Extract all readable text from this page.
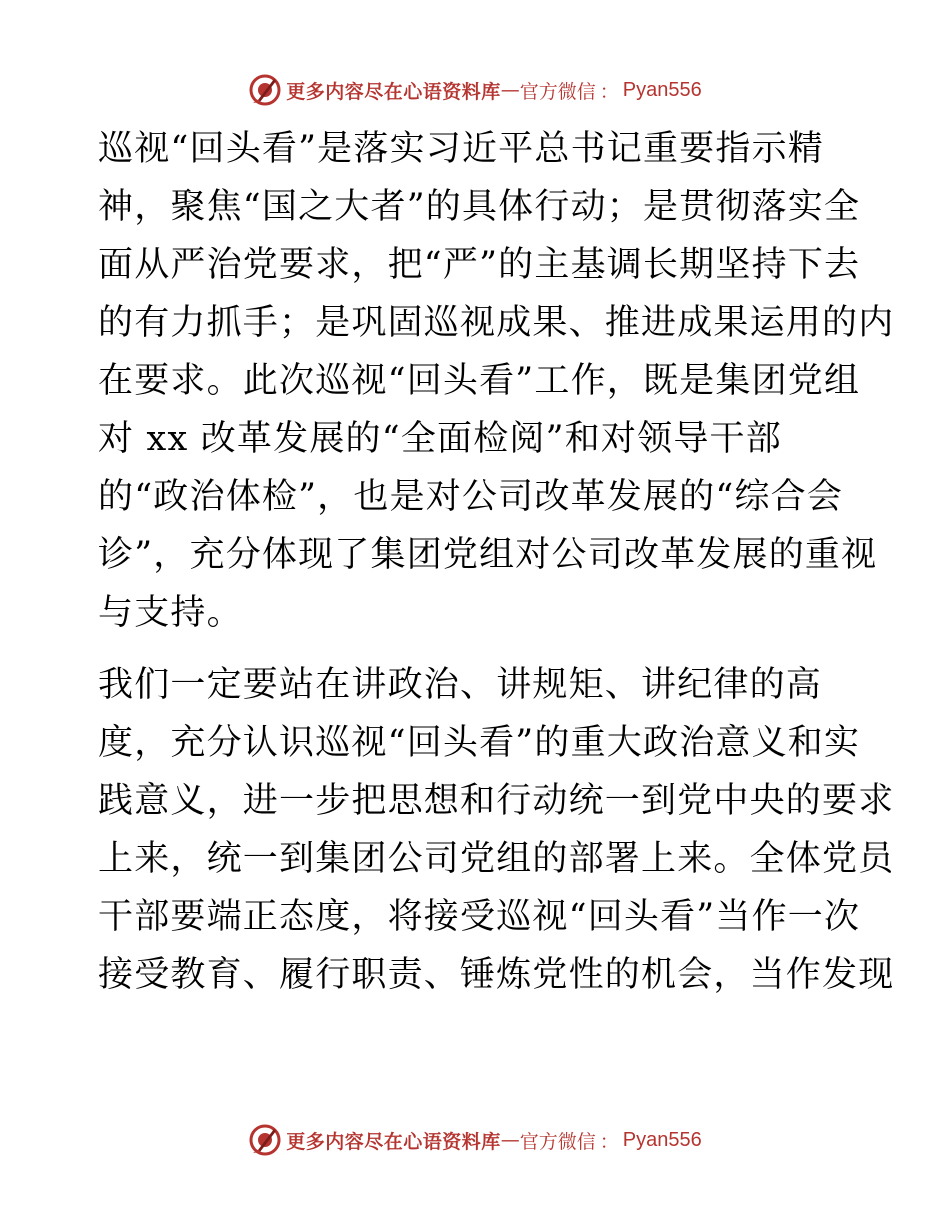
更多内容尽在心语资料库 — 官方微信 ： Pyan556
巡视“回头看”是落实习近平总书记重要指示精
神，聚焦“国之大者”的具体行动；是贯彻落实全
面从严治党要求，把“严”的主基调长期坚持下去
的有力抓手；是巩固巡视成果、推进成果运用的内
在要求。此次巡视“回头看”工作，既是集团党组
对 xx 改革发展的“全面检阅”和对领导干部
的“政治体检”，也是对公司改革发展的“综合会
诊”，充分体现了集团党组对公司改革发展的重视
与支持。
我们一定要站在讲政治、讲规矩、讲纪律的高
度，充分认识巡视“回头看”的重大政治意义和实
践意义，进一步把思想和行动统一到党中央的要求
上来，统一到集团公司党组的部署上来。全体党员
干部要端正态度，将接受巡视“回头看”当作一次
接受教育、履行职责、锤炼党性的机会，当作发现
更多内容尽在心语资料库 — 官方微信 ： Pyan556
